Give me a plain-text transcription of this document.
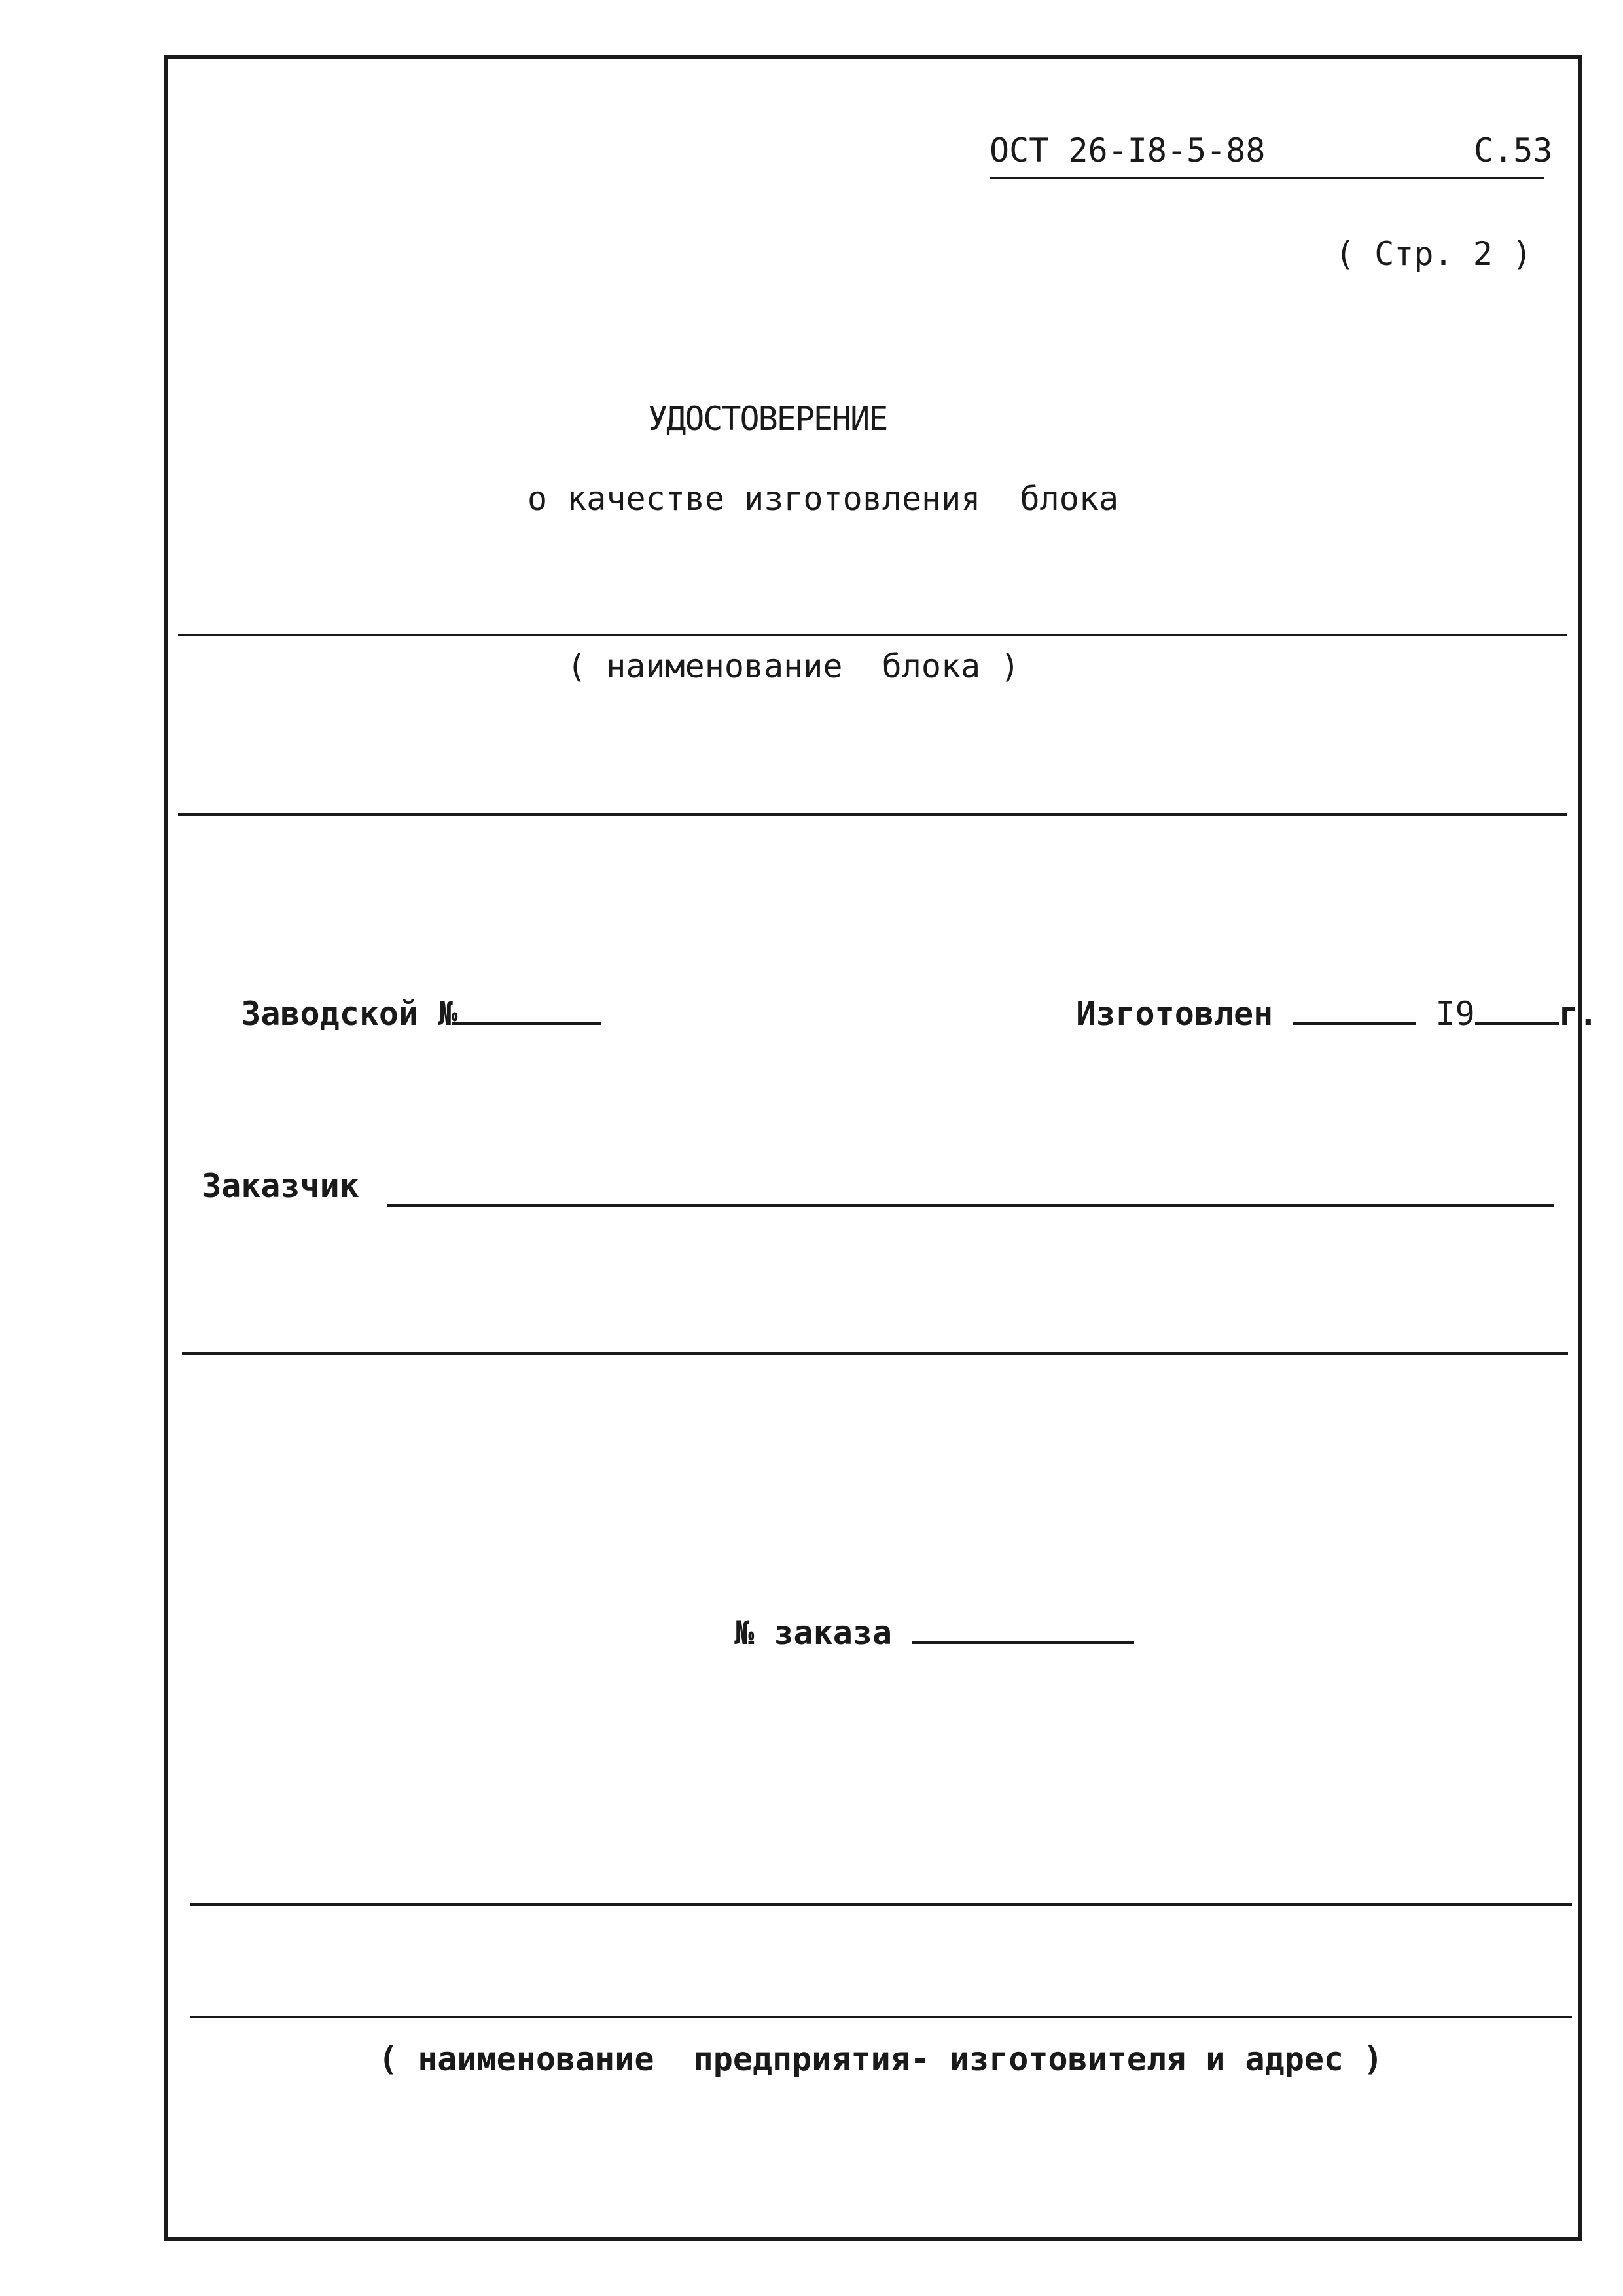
ОСТ 26-I8-5-88	С.53
( Стр. 2 )
УДОСТОВЕРЕНИЕ
о качестве изготовления  блока
( наименование  блока )

Заводской №	Изготовлен	I9	г.

Заказчик

№ заказа

( наименование  предприятия- изготовителя и адрес )
